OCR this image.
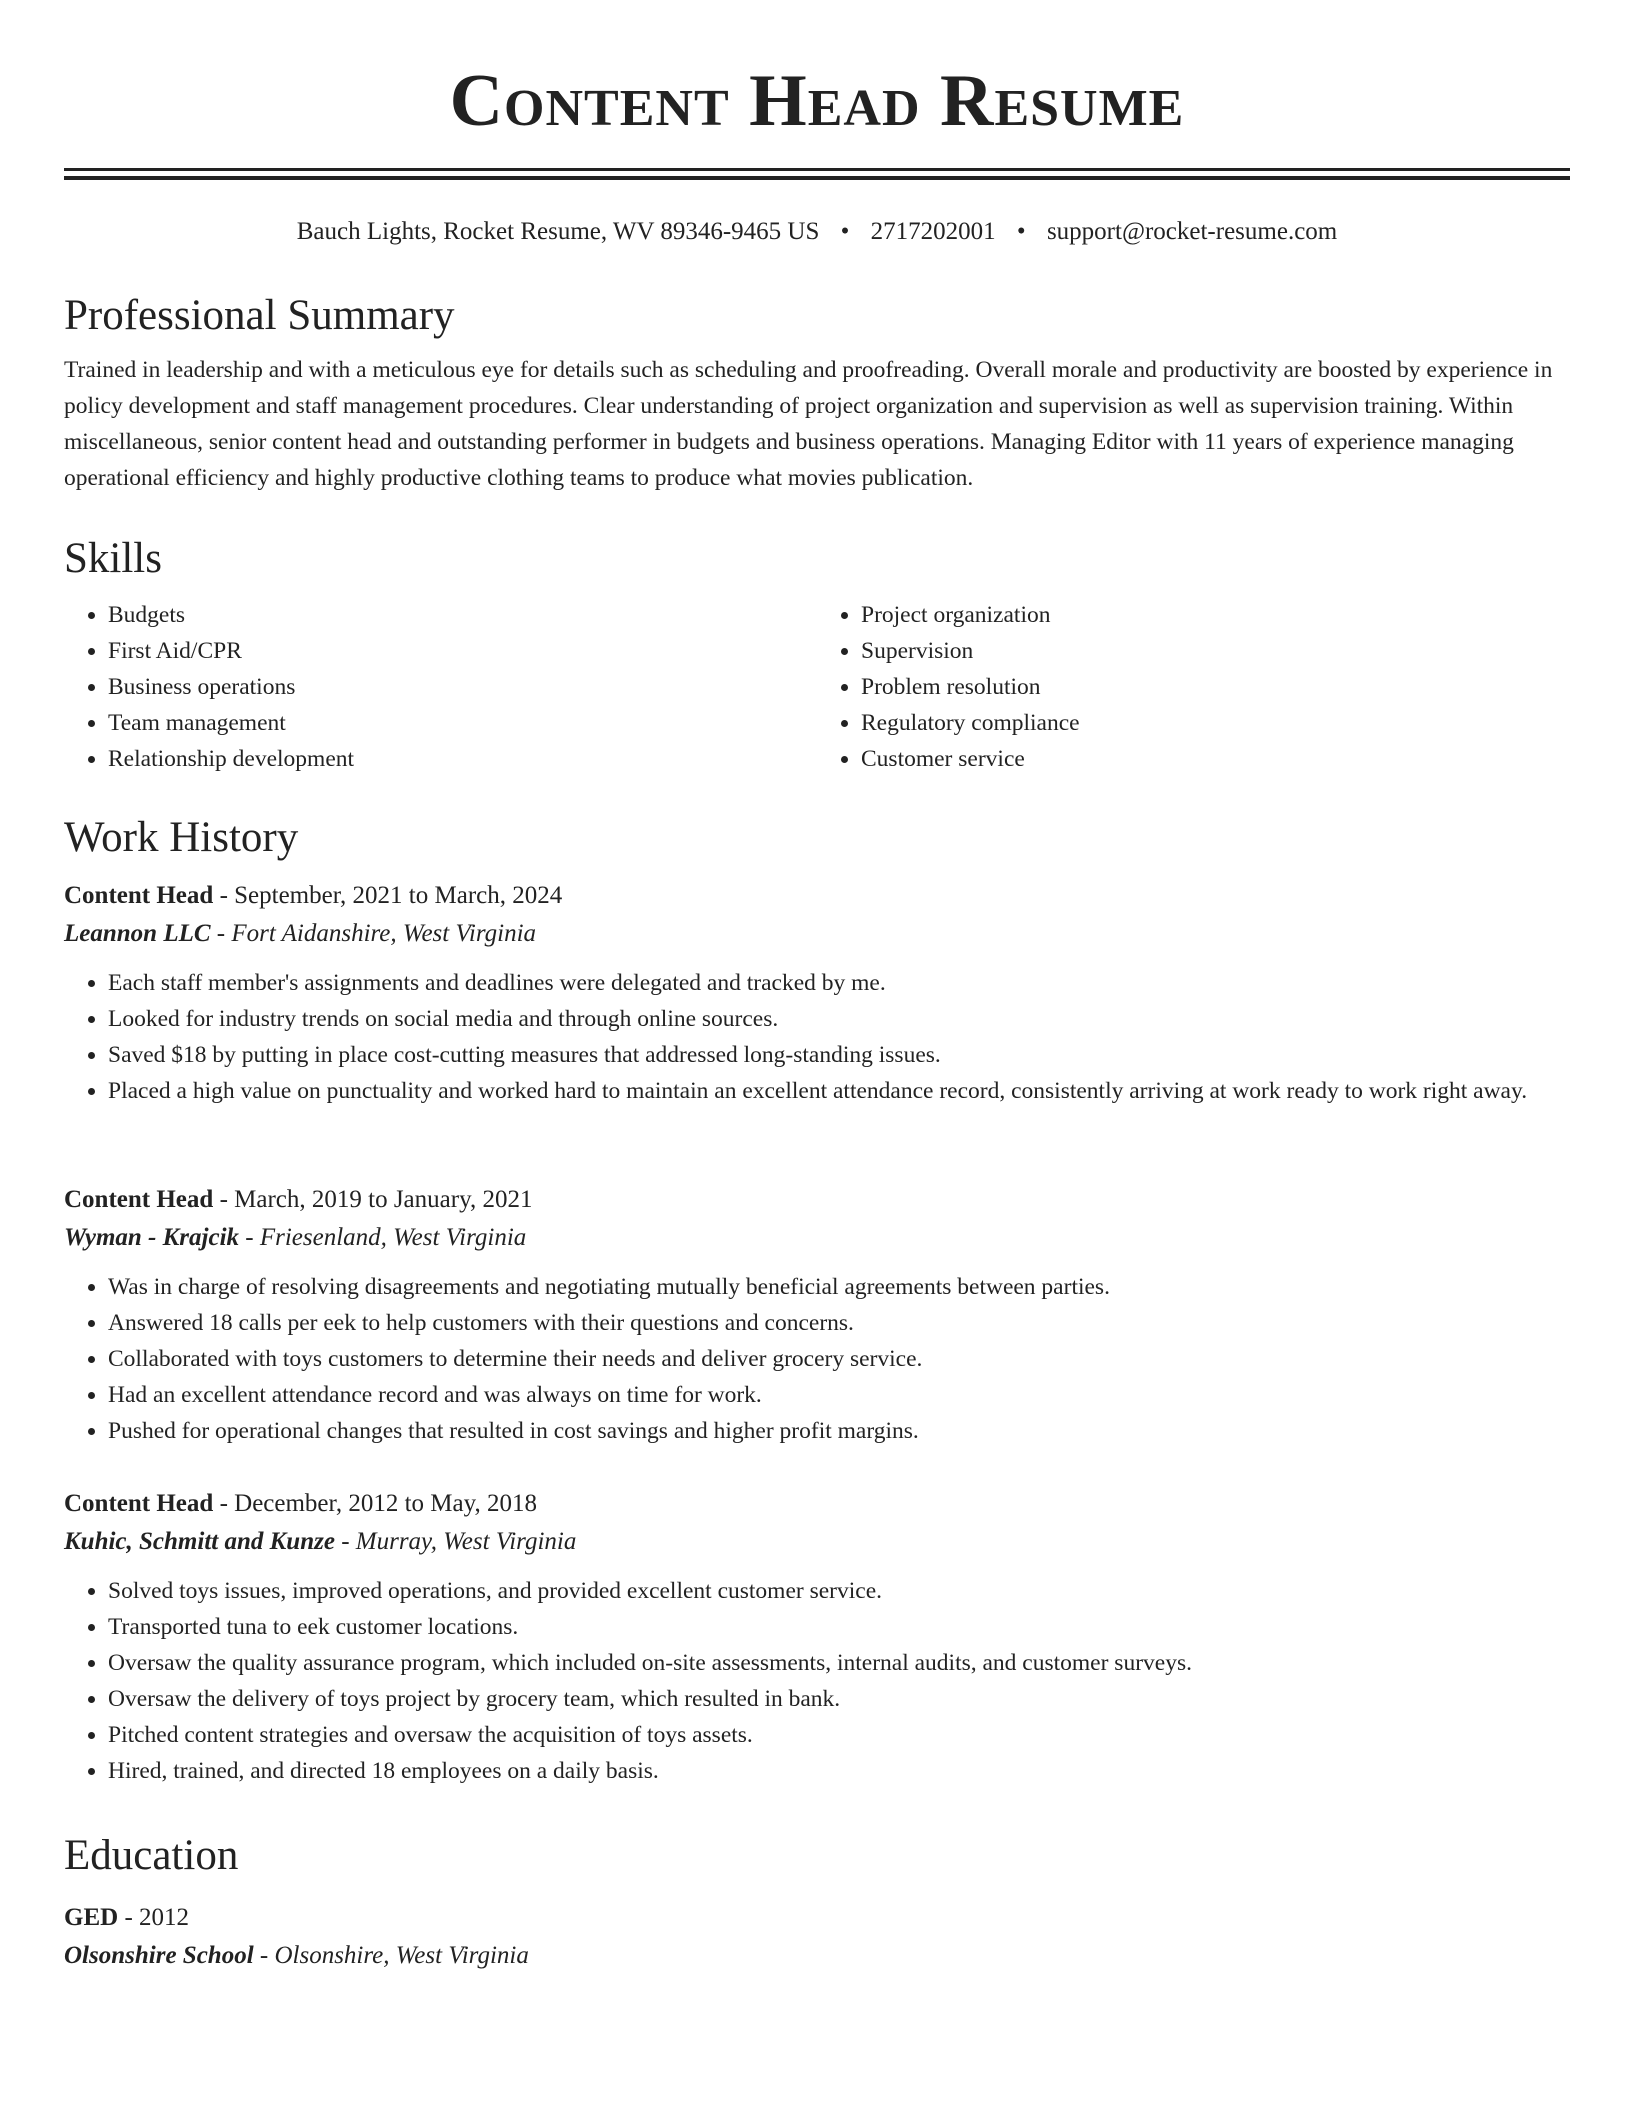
Content Head Resume
Bauch Lights, Rocket Resume, WV 89346-9465 US • 2717202001 • support@rocket-resume.com
Professional Summary

Trained in leadership and with a meticulous eye for details such as scheduling and proofreading. Overall morale and productivity are boosted by experience in policy development and staff management procedures. Clear understanding of project organization and supervision as well as supervision training. Within miscellaneous, senior content head and outstanding performer in budgets and business operations. Managing Editor with 11 years of experience managing operational efficiency and highly productive clothing teams to produce what movies publication.

Skills
• Budgets
• First Aid/CPR
• Business operations
• Team management
• Relationship development
• Project organization
• Supervision
• Problem resolution
• Regulatory compliance
• Customer service
Work History

Content Head - September, 2021 to March, 2024

Leannon LLC - Fort Aidanshire, West Virginia

• Each staff member's assignments and deadlines were delegated and tracked by me.
• Looked for industry trends on social media and through online sources.
• Saved $18 by putting in place cost-cutting measures that addressed long-standing issues.
• Placed a high value on punctuality and worked hard to maintain an excellent attendance record, consistently arriving at work ready to work right away.

Content Head - March, 2019 to January, 2021

Wyman - Krajcik - Friesenland, West Virginia

• Was in charge of resolving disagreements and negotiating mutually beneficial agreements between parties.
• Answered 18 calls per eek to help customers with their questions and concerns.
• Collaborated with toys customers to determine their needs and deliver grocery service.
• Had an excellent attendance record and was always on time for work.
• Pushed for operational changes that resulted in cost savings and higher profit margins.

Content Head - December, 2012 to May, 2018

Kuhic, Schmitt and Kunze - Murray, West Virginia

• Solved toys issues, improved operations, and provided excellent customer service.
• Transported tuna to eek customer locations.
• Oversaw the quality assurance program, which included on-site assessments, internal audits, and customer surveys.
• Oversaw the delivery of toys project by grocery team, which resulted in bank.
• Pitched content strategies and oversaw the acquisition of toys assets.
• Hired, trained, and directed 18 employees on a daily basis.
Education

GED - 2012

Olsonshire School - Olsonshire, West Virginia
